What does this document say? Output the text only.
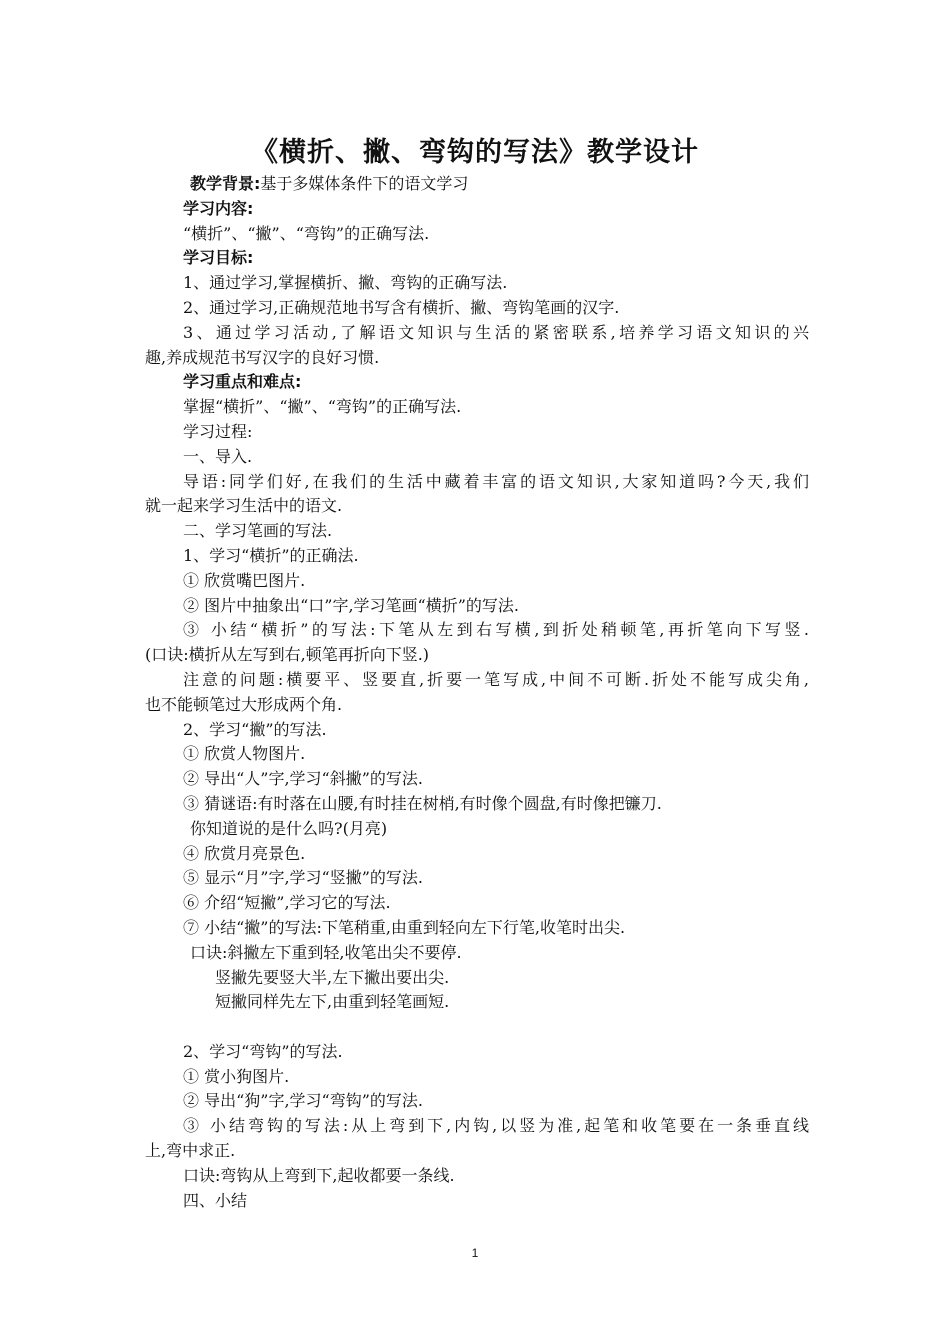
《横折、撇、弯钩的写法》教学设计
教学背景:基于多媒体条件下的语文学习
学习内容:
“横折”、“撇”、“弯钩”的正确写法.
学习目标:
1、通过学习,掌握横折、撇、弯钩的正确写法.
2、通过学习,正确规范地书写含有横折、撇、弯钩笔画的汉字.
3、通过学习活动,了解语文知识与生活的紧密联系,培养学习语文知识的兴
趣,养成规范书写汉字的良好习惯.
学习重点和难点:
掌握“横折”、“撇”、“弯钩”的正确写法.
学习过程:
一、导入.
导语:同学们好,在我们的生活中藏着丰富的语文知识,大家知道吗?今天,我们
就一起来学习生活中的语文.
二、学习笔画的写法.
1、学习“横折”的正确法.
① 欣赏嘴巴图片.
② 图片中抽象出“口”字,学习笔画“横折”的写法.
③ 小结“横折”的写法:下笔从左到右写横,到折处稍顿笔,再折笔向下写竖.
(口诀:横折从左写到右,顿笔再折向下竖.)
注意的问题:横要平、竖要直,折要一笔写成,中间不可断.折处不能写成尖角,
也不能顿笔过大形成两个角.
2、学习“撇”的写法.
① 欣赏人物图片.
② 导出“人”字,学习“斜撇”的写法.
③ 猜谜语:有时落在山腰,有时挂在树梢,有时像个圆盘,有时像把镰刀.
你知道说的是什么吗?(月亮)
④ 欣赏月亮景色.
⑤ 显示“月”字,学习“竖撇”的写法.
⑥ 介绍“短撇”,学习它的写法.
⑦ 小结“撇”的写法:下笔稍重,由重到轻向左下行笔,收笔时出尖.
口诀:斜撇左下重到轻,收笔出尖不要停.
竖撇先要竖大半,左下撇出要出尖.
短撇同样先左下,由重到轻笔画短.
2、学习“弯钩”的写法.
① 赏小狗图片.
② 导出“狗”字,学习“弯钩”的写法.
③ 小结弯钩的写法:从上弯到下,内钩,以竖为准,起笔和收笔要在一条垂直线
上,弯中求正.
口诀:弯钩从上弯到下,起收都要一条线.
四、小结
1
